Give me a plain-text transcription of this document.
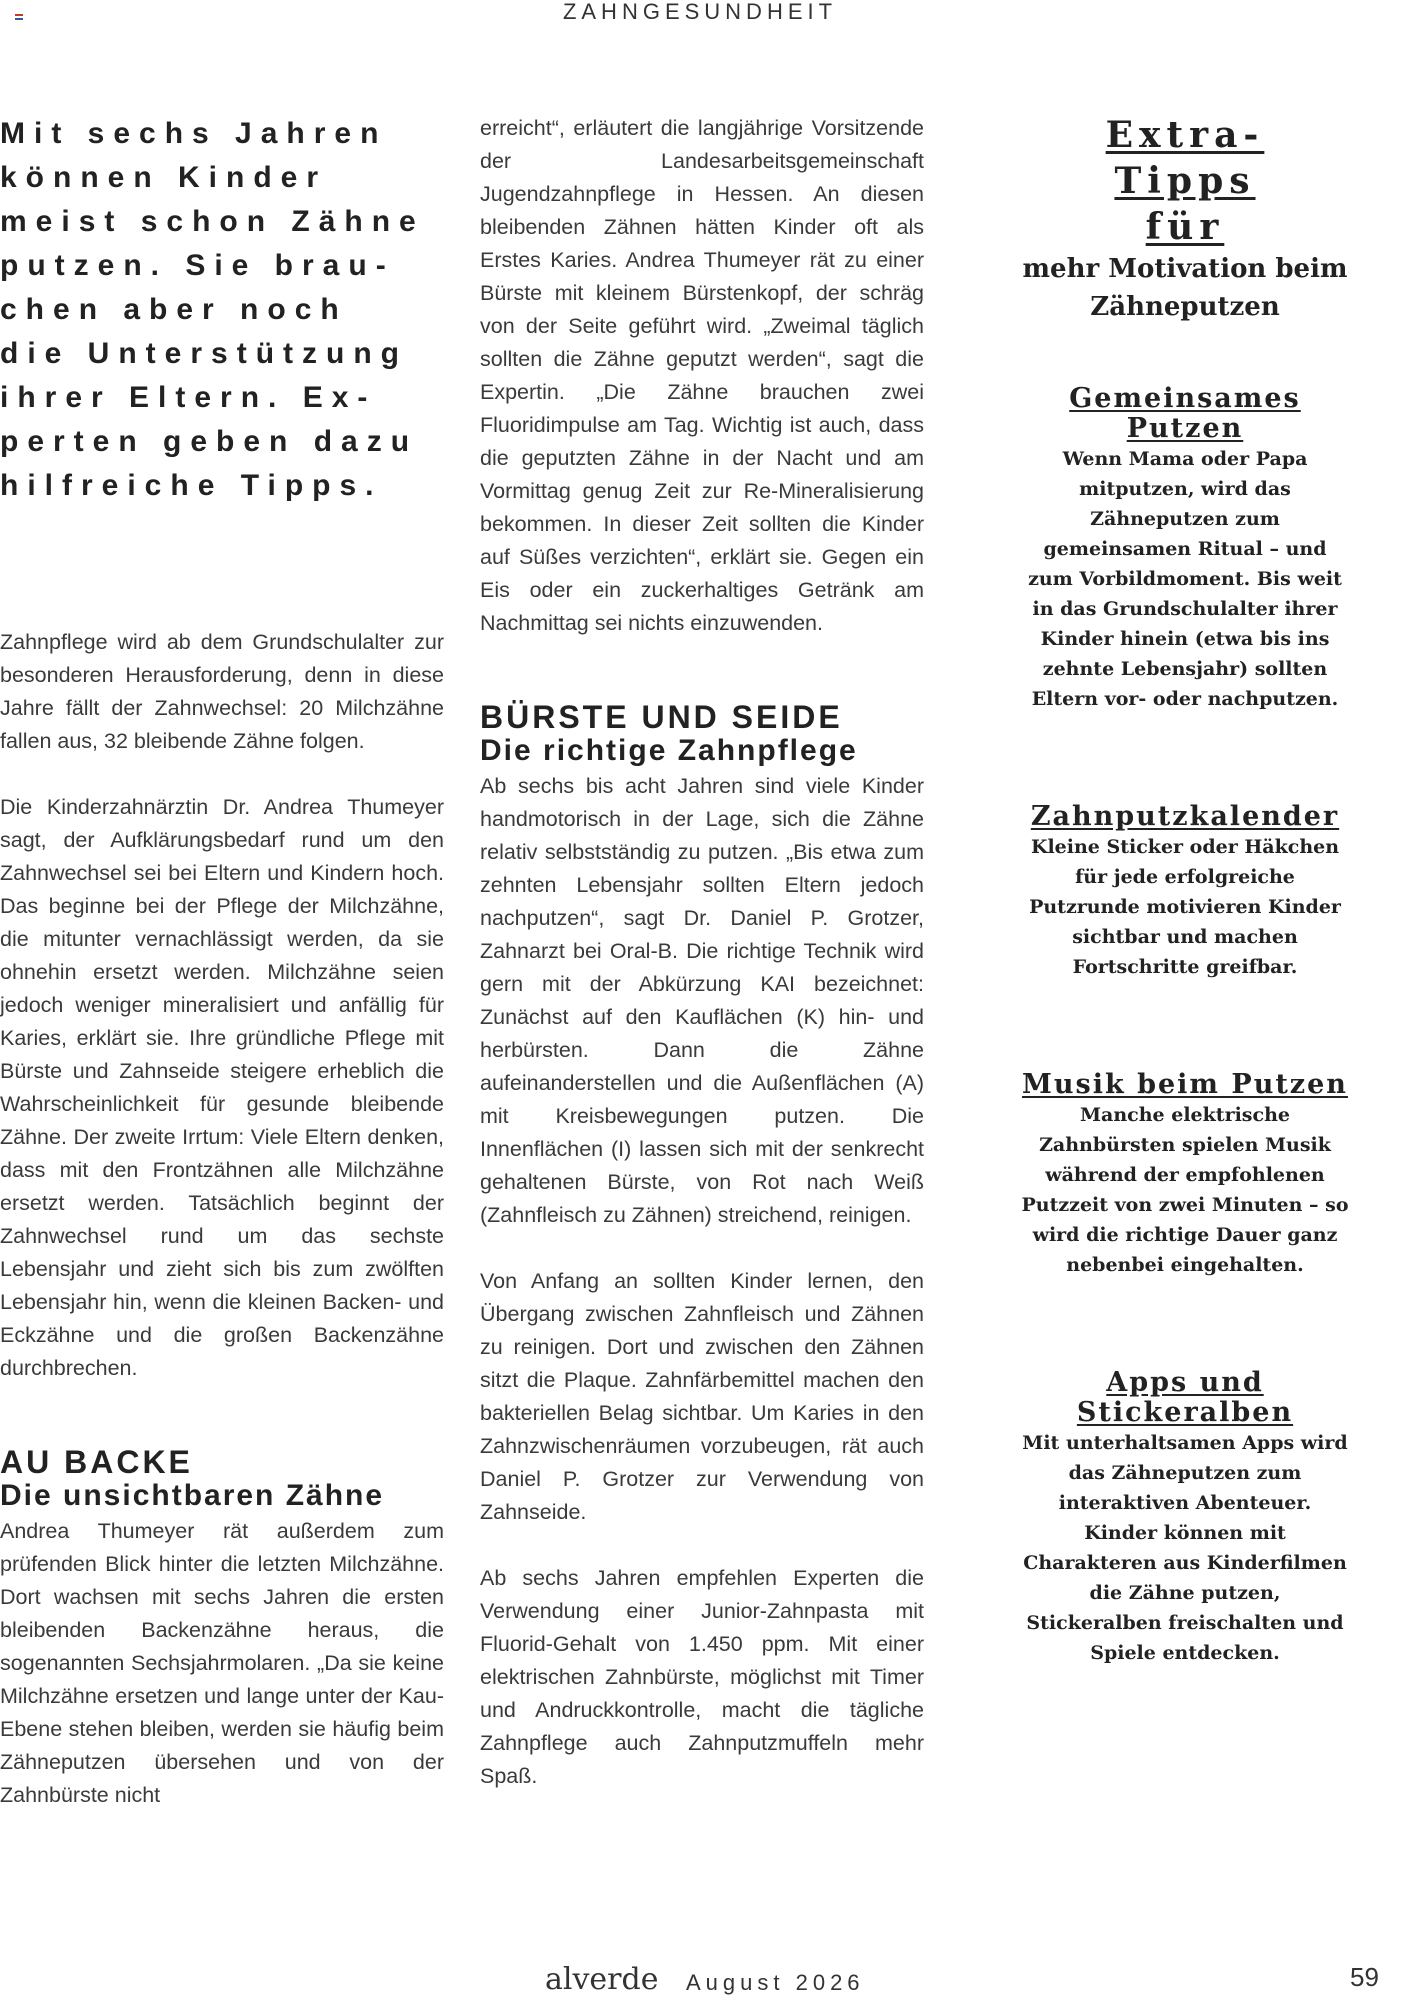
ZAHNGESUNDHEIT

Mit sechs Jahren

können Kinder

meist schon Zähne

putzen. Sie brau-

chen aber noch

die Unterstützung

ihrer Eltern. Ex-

perten geben dazu

hilfreiche Tipps.

Zahnpflege wird ab dem Grundschulalter zur besonderen Herausforderung, denn in diese Jahre fällt der Zahnwechsel: 20 Milchzähne fallen aus, 32 bleibende Zähne folgen.

Die Kinderzahnärztin Dr. Andrea Thumeyer sagt, der Aufklärungsbedarf rund um den Zahnwechsel sei bei Eltern und Kindern hoch. Das beginne bei der Pflege der Milchzähne, die mitunter vernachlässigt werden, da sie ohnehin ersetzt werden. Milchzähne seien jedoch weniger mineralisiert und anfällig für Karies, erklärt sie. Ihre gründliche Pflege mit Bürste und Zahnseide steigere erheblich die Wahrscheinlichkeit für gesunde bleibende Zähne. Der zweite Irrtum: Viele Eltern denken, dass mit den Frontzähnen alle Milchzähne ersetzt werden. Tatsächlich beginnt der Zahnwechsel rund um das sechste Lebensjahr und zieht sich bis zum zwölften Lebensjahr hin, wenn die kleinen Backen- und Eckzähne und die großen Backenzähne durchbrechen.

AU BACKE
Die unsichtbaren Zähne

Andrea Thumeyer rät außerdem zum prüfenden Blick hinter die letzten Milchzähne. Dort wachsen mit sechs Jahren die ersten bleibenden Backenzähne heraus, die sogenannten Sechsjahrmolaren. „Da sie keine Milchzähne ersetzen und lange unter der Kau-Ebene stehen bleiben, werden sie häufig beim Zähneputzen übersehen und von der Zahnbürste nicht

erreicht“, erläutert die langjährige Vorsitzende der Landesarbeitsgemeinschaft Jugendzahnpflege in Hessen. An diesen bleibenden Zähnen hätten Kinder oft als Erstes Karies. Andrea Thumeyer rät zu einer Bürste mit kleinem Bürstenkopf, der schräg von der Seite geführt wird. „Zweimal täglich sollten die Zähne geputzt werden“, sagt die Expertin. „Die Zähne brauchen zwei Fluoridimpulse am Tag. Wichtig ist auch, dass die geputzten Zähne in der Nacht und am Vormittag genug Zeit zur Re-Mineralisierung bekommen. In dieser Zeit sollten die Kinder auf Süßes verzichten“, erklärt sie. Gegen ein Eis oder ein zuckerhaltiges Getränk am Nachmittag sei nichts einzuwenden.

BÜRSTE UND SEIDE
Die richtige Zahnpflege

Ab sechs bis acht Jahren sind viele Kinder handmotorisch in der Lage, sich die Zähne relativ selbstständig zu putzen. „Bis etwa zum zehnten Lebensjahr sollten Eltern jedoch nachputzen“, sagt Dr. Daniel P. Grotzer, Zahnarzt bei Oral-B. Die richtige Technik wird gern mit der Abkürzung KAI bezeichnet: Zunächst auf den Kauflächen (K) hin- und herbürsten. Dann die Zähne aufeinanderstellen und die Außenflächen (A) mit Kreisbewegungen putzen. Die Innenflächen (I) lassen sich mit der senkrecht gehaltenen Bürste, von Rot nach Weiß (Zahnfleisch zu Zähnen) streichend, reinigen.

Von Anfang an sollten Kinder lernen, den Übergang zwischen Zahnfleisch und Zähnen zu reinigen. Dort und zwischen den Zähnen sitzt die Plaque. Zahnfärbemittel machen den bakteriellen Belag sichtbar. Um Karies in den Zahnzwischenräumen vorzubeugen, rät auch Daniel P. Grotzer zur Verwendung von Zahnseide.

Ab sechs Jahren empfehlen Experten die Verwendung einer Junior-Zahnpasta mit Fluorid-Gehalt von 1.450 ppm. Mit einer elektrischen Zahnbürste, möglichst mit Timer und Andruckkontrolle, macht die tägliche Zahnpflege auch Zahnputzmuffeln mehr Spaß.

Extra-

Tipps

für

mehr Motivation beim Zähneputzen

Gemeinsames Putzen

Wenn Mama oder Papa mitputzen, wird das Zähneputzen zum gemeinsamen Ritual – und zum Vorbildmoment. Bis weit in das Grundschulalter ihrer Kinder hinein (etwa bis ins zehnte Lebensjahr) sollten Eltern vor- oder nachputzen.

Zahnputzkalender

Kleine Sticker oder Häkchen für jede erfolgreiche Putzrunde motivieren Kinder sichtbar und machen Fortschritte greifbar.

Musik beim Putzen

Manche elektrische Zahnbürsten spielen Musik während der empfohlenen Putzzeit von zwei Minuten – so wird die richtige Dauer ganz nebenbei eingehalten.

Apps und Stickeralben

Mit unterhaltsamen Apps wird das Zähneputzen zum interaktiven Abenteuer. Kinder können mit Charakteren aus Kinderfilmen die Zähne putzen, Stickeralben freischalten und Spiele entdecken.

alverde August 2026	59
